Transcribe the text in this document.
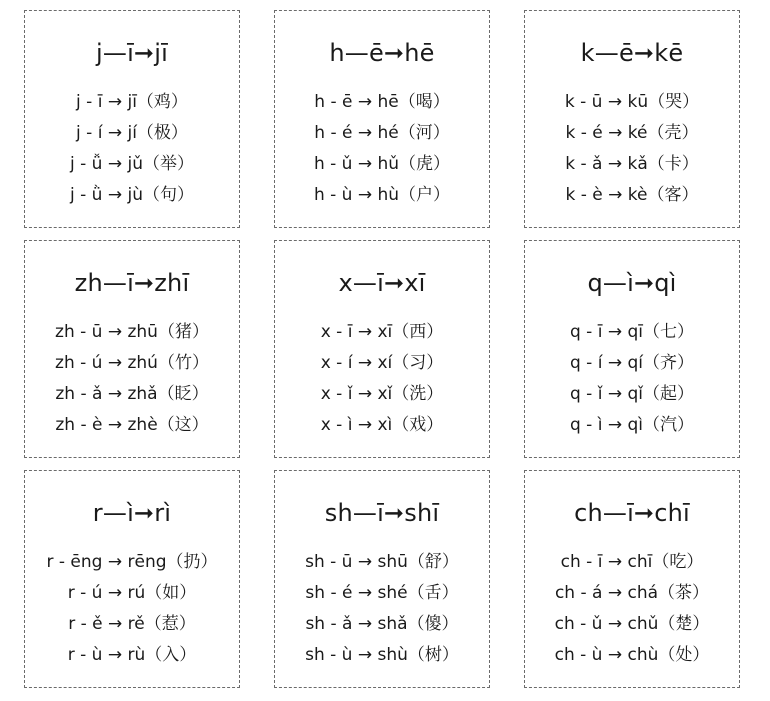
j—ī➞jī
j - ī → jī（鸡）
j - í → jí（极）
j - ǚ → jǔ（举）
j - ǜ → jù（句）
h—ē➞hē
h - ē → hē（喝）
h - é → hé（河）
h - ǔ → hǔ（虎）
h - ù → hù（户）
k—ē➞kē
k - ū → kū（哭）
k - é → ké（壳）
k - ǎ → kǎ（卡）
k - è → kè（客）
zh—ī➞zhī
zh - ū → zhū（猪）
zh - ú → zhú（竹）
zh - ǎ → zhǎ（眨）
zh - è → zhè（这）
x—ī➞xī
x - ī → xī（西）
x - í → xí（习）
x - ǐ → xǐ（洗）
x - ì → xì（戏）
q—ì➞qì
q - ī → qī（七）
q - í → qí（齐）
q - ǐ → qǐ（起）
q - ì → qì（汽）
r—ì➞rì
r - ēng → rēng（扔）
r - ú → rú（如）
r - ě → rě（惹）
r - ù → rù（入）
sh—ī➞shī
sh - ū → shū（舒）
sh - é → shé（舌）
sh - ǎ → shǎ（傻）
sh - ù → shù（树）
ch—ī➞chī
ch - ī → chī（吃）
ch - á → chá（茶）
ch - ǔ → chǔ（楚）
ch - ù → chù（处）
